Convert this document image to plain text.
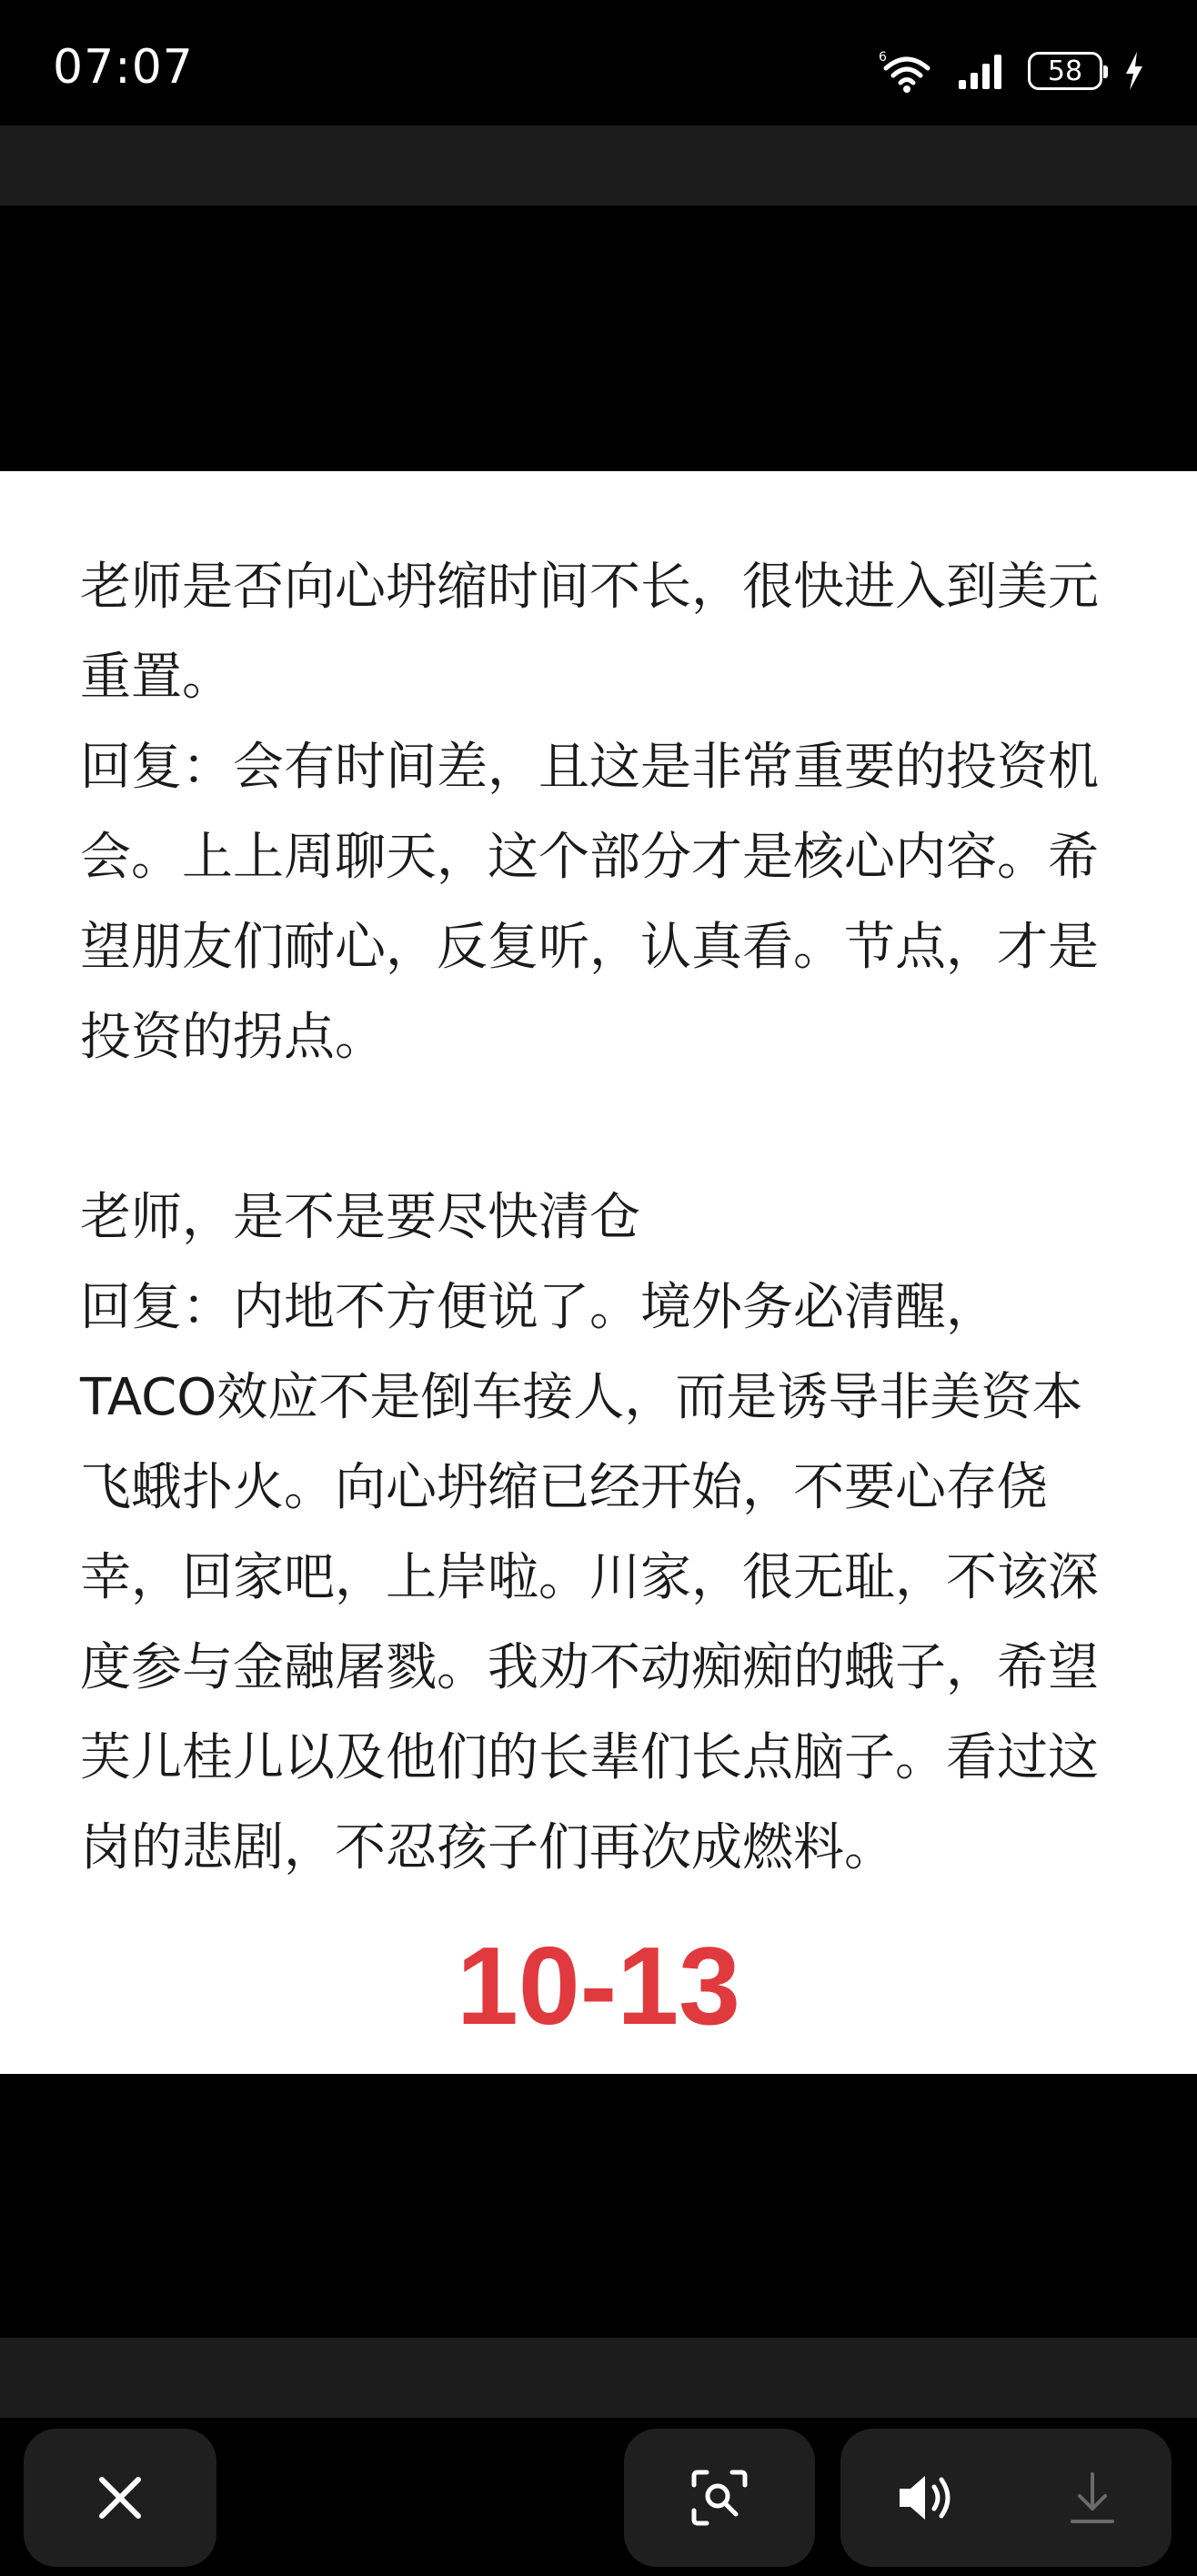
07:07	6	58

老师是否向心坍缩时间不长，很快进入到美元重置。

回复：会有时间差，且这是非常重要的投资机会。上上周聊天，这个部分才是核心内容。希望朋友们耐心，反复听，认真看。节点，才是投资的拐点。

老师，是不是要尽快清仓

回复：内地不方便说了。境外务必清醒，TACO效应不是倒车接人，而是诱导非美资本飞蛾扑火。向心坍缩已经开始，不要心存侥幸，回家吧，上岸啦。川家，很无耻，不该深度参与金融屠戮。我劝不动痴痴的蛾子，希望芙儿桂儿以及他们的长辈们长点脑子。看过这岗的悲剧，不忍孩子们再次成燃料。

10-13
